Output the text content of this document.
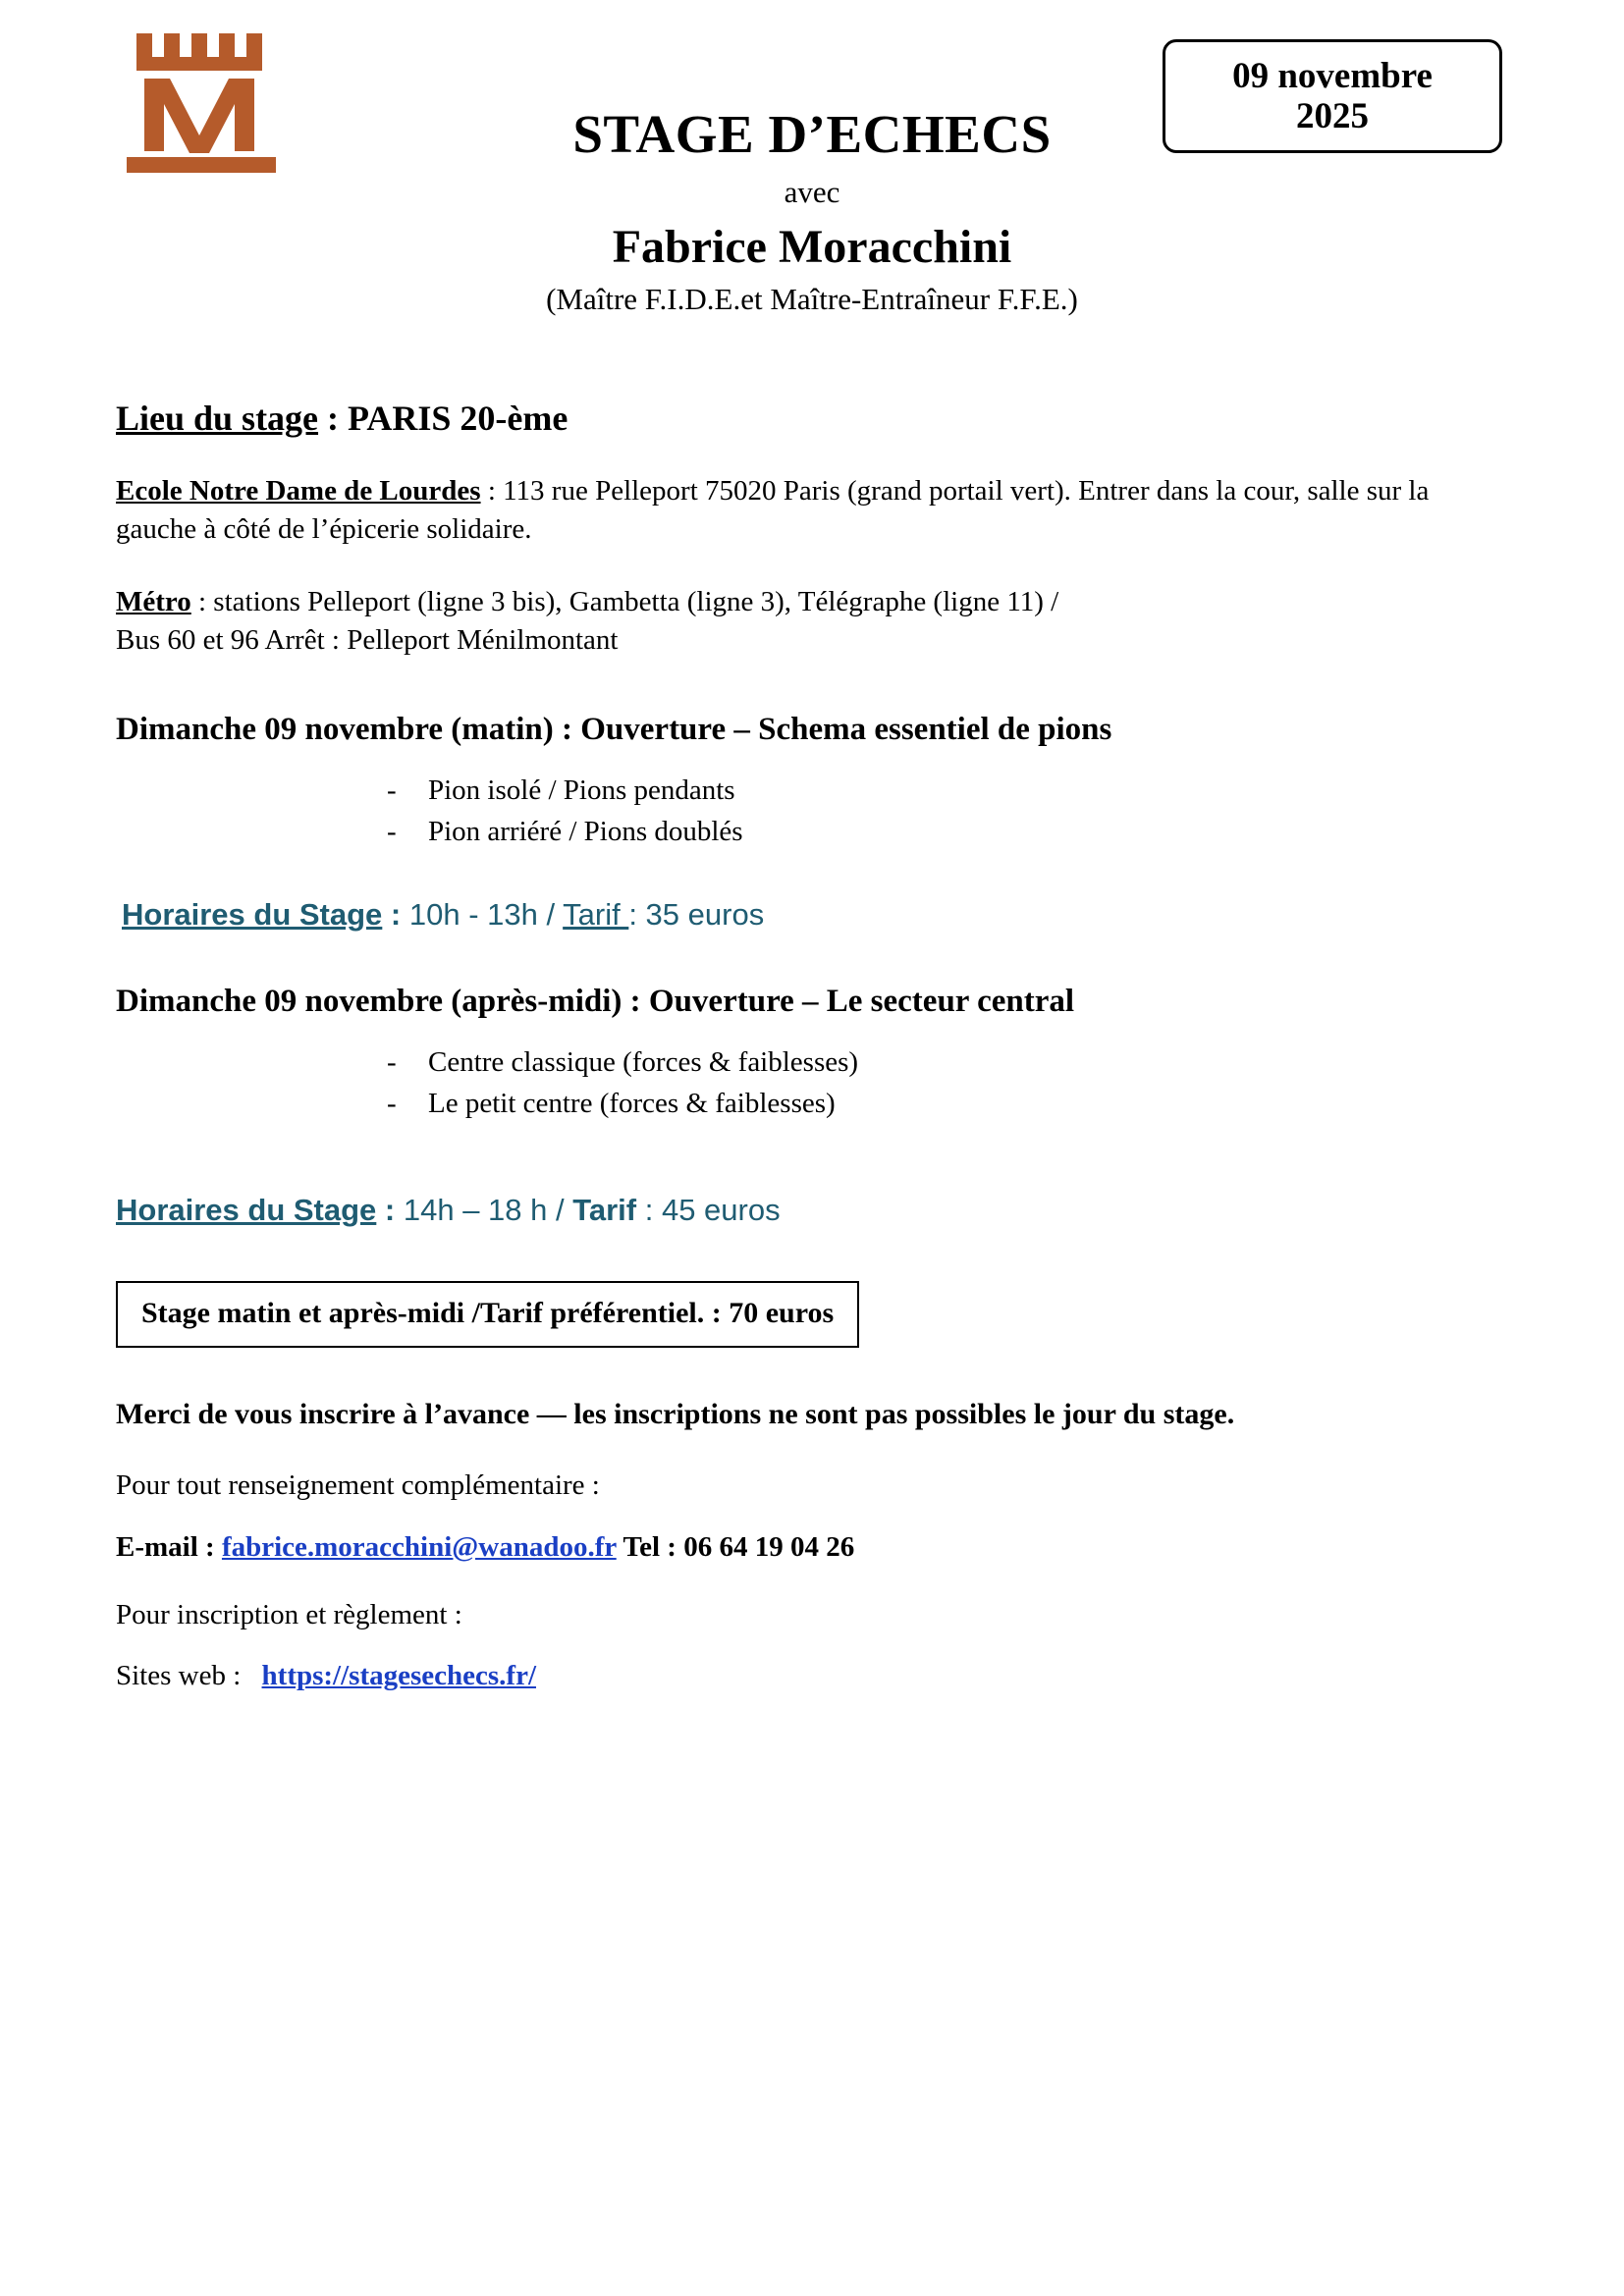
09 novembre
2025
STAGE D’ECHECS
avec
Fabrice Moracchini
(Maître F.I.D.E.et Maître-Entraîneur F.F.E.)
Lieu du stage : PARIS 20-ème

Ecole Notre Dame de Lourdes : 113 rue Pelleport 75020 Paris (grand portail vert). Entrer dans la cour, salle sur la gauche à côté de l’épicerie solidaire.

Métro : stations Pelleport (ligne 3 bis), Gambetta (ligne 3), Télégraphe (ligne 11) /
Bus 60 et 96 Arrêt : Pelleport Ménilmontant

Dimanche 09 novembre (matin) : Ouverture – Schema essentiel de pions
- Pion isolé / Pions pendants
- Pion arriéré / Pions doublés
Horaires du Stage : 10h - 13h / Tarif : 35 euros
Dimanche 09 novembre (après-midi) : Ouverture – Le secteur central
- Centre classique (forces & faiblesses)
- Le petit centre (forces & faiblesses)
Horaires du Stage : 14h – 18 h / Tarif : 45 euros
Stage matin et après-midi /Tarif préférentiel. : 70 euros

Merci de vous inscrire à l’avance — les inscriptions ne sont pas possibles le jour du stage.

Pour tout renseignement complémentaire :

E-mail : fabrice.moracchini@wanadoo.fr Tel : 06 64 19 04 26

Pour inscription et règlement :

Sites web : https://stagesechecs.fr/
